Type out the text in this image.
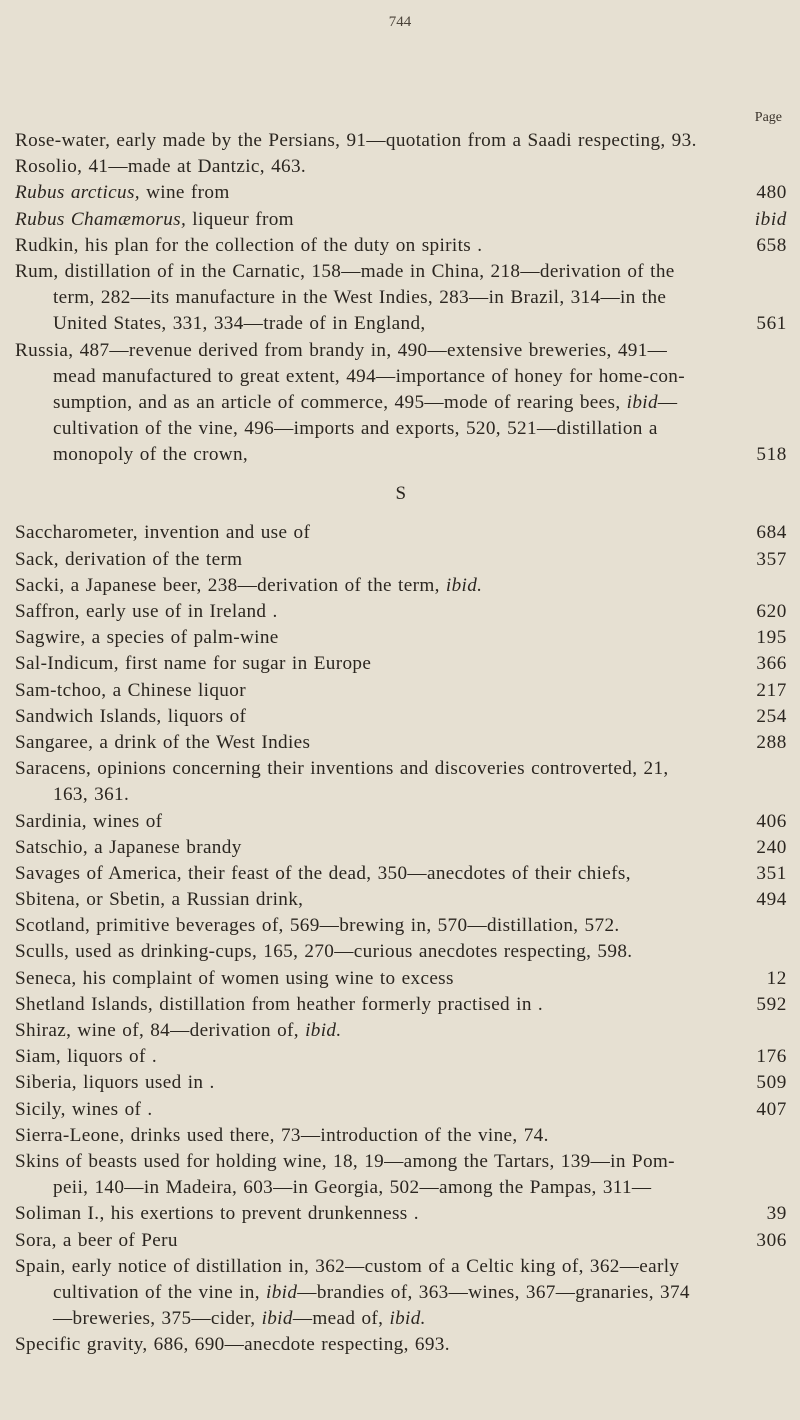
744
Page
Rose-water, early made by the Persians, 91—quotation from a Saadi respecting, 93.
Rosolio, 41—made at Dantzic, 463.
Rubus arcticus, wine from	480
Rubus Chamæmorus, liqueur from	ibid
Rudkin, his plan for the collection of the duty on spirits .	658
Rum, distillation of in the Carnatic, 158—made in China, 218—derivation of the
term, 282—its manufacture in the West Indies, 283—in Brazil, 314—in the
United States, 331, 334—trade of in England,	561
Russia, 487—revenue derived from brandy in, 490—extensive breweries, 491—
mead manufactured to great extent, 494—importance of honey for home-con-
sumption, and as an article of commerce, 495—mode of rearing bees, ibid—
cultivation of the vine, 496—imports and exports, 520, 521—distillation a
monopoly of the crown,	518
S
Saccharometer, invention and use of	684
Sack, derivation of the term	357
Sacki, a Japanese beer, 238—derivation of the term, ibid.
Saffron, early use of in Ireland .	620
Sagwire, a species of palm-wine	195
Sal-Indicum, first name for sugar in Europe	366
Sam-tchoo, a Chinese liquor	217
Sandwich Islands, liquors of	254
Sangaree, a drink of the West Indies	288
Saracens, opinions concerning their inventions and discoveries controverted, 21,
163, 361.
Sardinia, wines of	406
Satschio, a Japanese brandy	240
Savages of America, their feast of the dead, 350—anecdotes of their chiefs,	351
Sbitena, or Sbetin, a Russian drink,	494
Scotland, primitive beverages of, 569—brewing in, 570—distillation, 572.
Sculls, used as drinking-cups, 165, 270—curious anecdotes respecting, 598.
Seneca, his complaint of women using wine to excess	12
Shetland Islands, distillation from heather formerly practised in .	592
Shiraz, wine of, 84—derivation of, ibid.
Siam, liquors of .	176
Siberia, liquors used in .	509
Sicily, wines of .	407
Sierra-Leone, drinks used there, 73—introduction of the vine, 74.
Skins of beasts used for holding wine, 18, 19—among the Tartars, 139—in Pom-
peii, 140—in Madeira, 603—in Georgia, 502—among the Pampas, 311—
Soliman I., his exertions to prevent drunkenness .	39
Sora, a beer of Peru	306
Spain, early notice of distillation in, 362—custom of a Celtic king of, 362—early
cultivation of the vine in, ibid—brandies of, 363—wines, 367—granaries, 374
—breweries, 375—cider, ibid—mead of, ibid.
Specific gravity, 686, 690—anecdote respecting, 693.
